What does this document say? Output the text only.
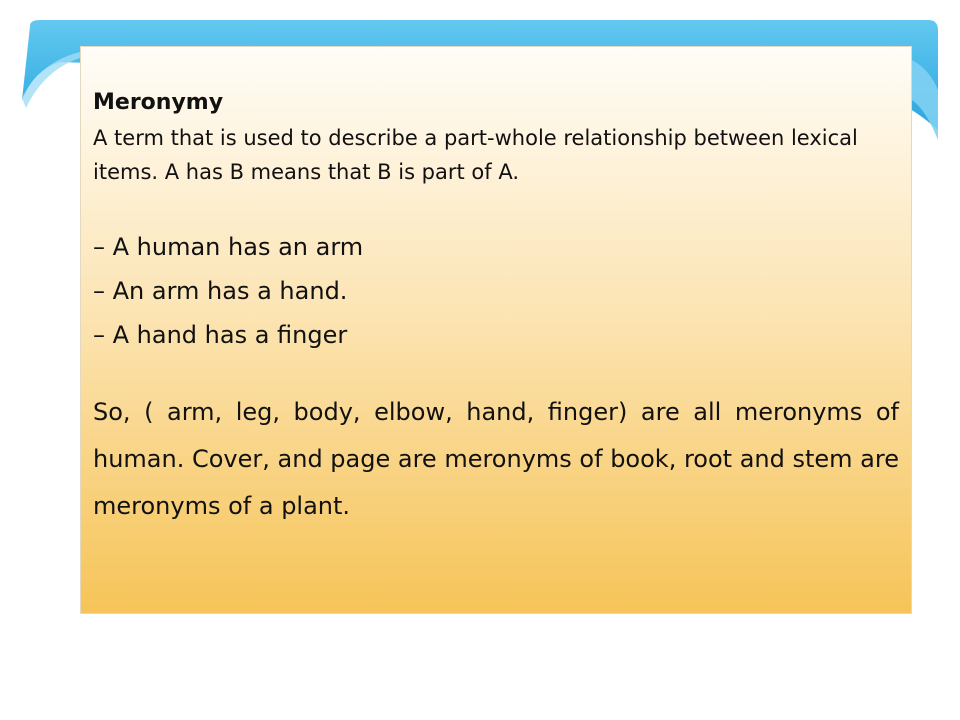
Meronymy

A term that is used to describe a part-whole relationship between lexical items. A has B means that B is part of A.

– A human has an arm
– An arm has a hand.
– A hand has a finger

So, ( arm, leg, body, elbow, hand, finger) are all meronyms of human. Cover, and page are meronyms of book, root and stem are meronyms of a plant.
